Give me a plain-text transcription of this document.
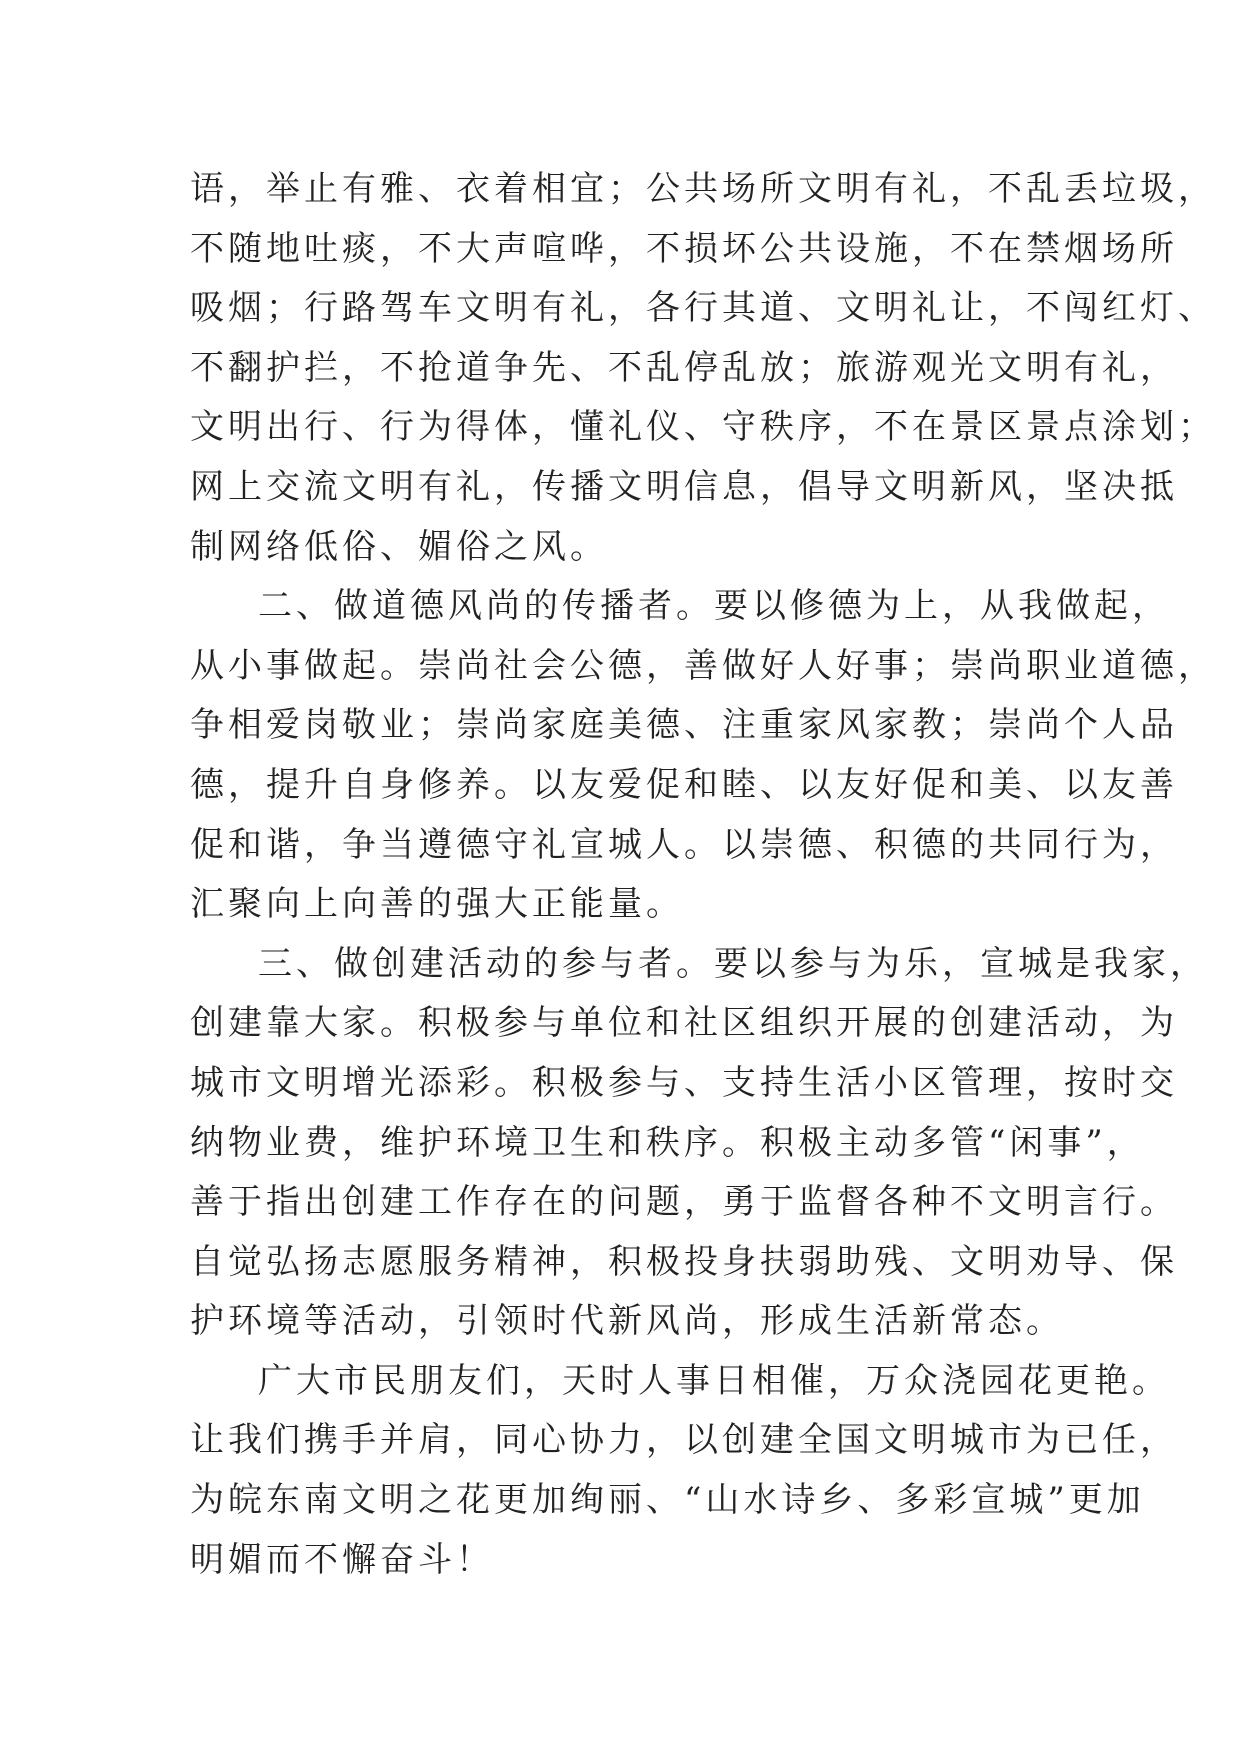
语，举止有雅、衣着相宜；公共场所文明有礼，不乱丢垃圾，
不随地吐痰，不大声喧哗，不损坏公共设施，不在禁烟场所
吸烟；行路驾车文明有礼，各行其道、文明礼让，不闯红灯、
不翻护拦，不抢道争先、不乱停乱放；旅游观光文明有礼，
文明出行、行为得体，懂礼仪、守秩序，不在景区景点涂划；
网上交流文明有礼，传播文明信息，倡导文明新风，坚决抵
制网络低俗、媚俗之风。
二、做道德风尚的传播者。要以修德为上，从我做起，
从小事做起。崇尚社会公德，善做好人好事；崇尚职业道德，
争相爱岗敬业；崇尚家庭美德、注重家风家教；崇尚个人品
德，提升自身修养。以友爱促和睦、以友好促和美、以友善
促和谐，争当遵德守礼宣城人。以崇德、积德的共同行为，
汇聚向上向善的强大正能量。
三、做创建活动的参与者。要以参与为乐，宣城是我家，
创建靠大家。积极参与单位和社区组织开展的创建活动，为
城市文明增光添彩。积极参与、支持生活小区管理，按时交
纳物业费，维护环境卫生和秩序。积极主动多管“闲事”，
善于指出创建工作存在的问题，勇于监督各种不文明言行。
自觉弘扬志愿服务精神，积极投身扶弱助残、文明劝导、保
护环境等活动，引领时代新风尚，形成生活新常态。
广大市民朋友们，天时人事日相催，万众浇园花更艳。
让我们携手并肩，同心协力，以创建全国文明城市为已任，
为皖东南文明之花更加绚丽、“山水诗乡、多彩宣城”更加
明媚而不懈奋斗！
